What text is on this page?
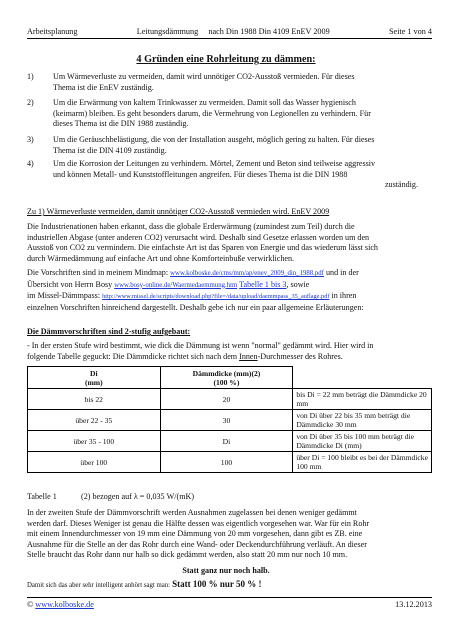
Arbeitsplanung	Leitungsdämmung     nach Din 1988 Din 4109 EnEV 2009	Seite 1 von 4
4 Gründen eine Rohrleitung zu dämmen:
1) Um Wärmeverluste zu vermeiden, damit wird unnötiger CO2-Ausstoß vermieden. Für dieses
Thema ist die EnEV zuständig.
2) Um die Erwärmung von kaltem Trinkwasser zu vermeiden. Damit soll das Wasser hygienisch
(keimarm) bleiben. Es geht besonders darum, die Vermehrung von Legionellen zu verhindern. Für
dieses Thema ist die DIN 1988 zuständig.
3) Um die Geräuschbelästigung, die von der Installation ausgeht, möglich gering zu halten. Für dieses
Thema ist die DIN 4109 zuständig.
4) Um die Korrosion der Leitungen zu verhindern. Mörtel, Zement und Beton sind teilweise aggressiv
und können Metall- und Kunststoffleitungen angreifen. Für dieses Thema ist die DIN 1988
zuständig.
Zu 1) Wärmeverluste vermeiden, damit unnötiger CO2-Ausstoß vermieden wird. EnEV 2009
Die Industrienationen haben erkannt, dass die globale Erderwärmung (zumindest zum Teil) durch die
industriellen Abgase (unter anderen CO2) verursacht wird. Deshalb sind Gesetze erlassen worden um den
Ausstoß von CO2 zu vermindern. Die einfachste Art ist das Sparen von Energie und das wiederum lässt sich
durch Wärmedämmung auf einfache Art und ohne Komforteinbuße verwirklichen.
Die Vorschriften sind in meinem Mindmap: www.kolboske.de/cms/mm/ap/enev_2009_din_1988.pdf und in der
Übersicht von Herrn Bosy www.bosy-online.de/Waermedaemmung.htm Tabelle 1 bis 3, sowie
im Missel-Dämmpass: http://www.missel.de/scripts/download.php?file=/data/upload/daemmpass_35_auflage.pdf in ihren
einzelnen Vorschriften hinreichend dargestellt. Deshalb gebe ich nur ein paar allgemeine Erläuterungen:
Die Dämmvorschriften sind 2-stufig aufgebaut:
- In der ersten Stufe wird bestimmt, wie dick die Dämmung ist wenn "normal" gedämmt wird. Hier wird in
folgende Tabelle geguckt: Die Dämmdicke richtet sich nach dem Innen-Durchmesser des Rohres.
Di
(mm)	Dämmdicke (mm)(2)
(100 %)	
bis 22	20	bis Di = 22 mm beträgt die Dämmdicke 20 mm
über 22 - 35	30	von Di über 22 bis 35 mm beträgt die Dämmdicke 30 mm
über 35 - 100	Di	von Di über 35 bis 100 mm beträgt die Dämmdicke Di (mm)
über 100	100	über Di = 100 bleibt es bei der Dämmdicke 100 mm
Tabelle 1            (2) bezogen auf λ = 0,035 W/(mK)
In der zweiten Stufe der Dämmvorschrift werden Ausnahmen zugelassen bei denen weniger gedämmt
werden darf. Dieses Weniger ist genau die Hälfte dessen was eigentlich vorgesehen war. War für ein Rohr
mit einem Innendurchmesser von 19 mm eine Dämmung von 20 mm vorgesehen, dann gibt es ZB. eine
Ausnahme für die Stelle an der das Rohr durch eine Wand- oder Deckendurchführung verläuft. An dieser
Stelle braucht das Rohr dann nur halb so dick gedämmt werden, also statt 20 mm nur noch 10 mm.
Statt ganz nur noch halb.
Damit sich das aber sehr intelligent anhört sagt man: Statt 100 % nur 50 % !
© www.kolboske.de	13.12.2013
